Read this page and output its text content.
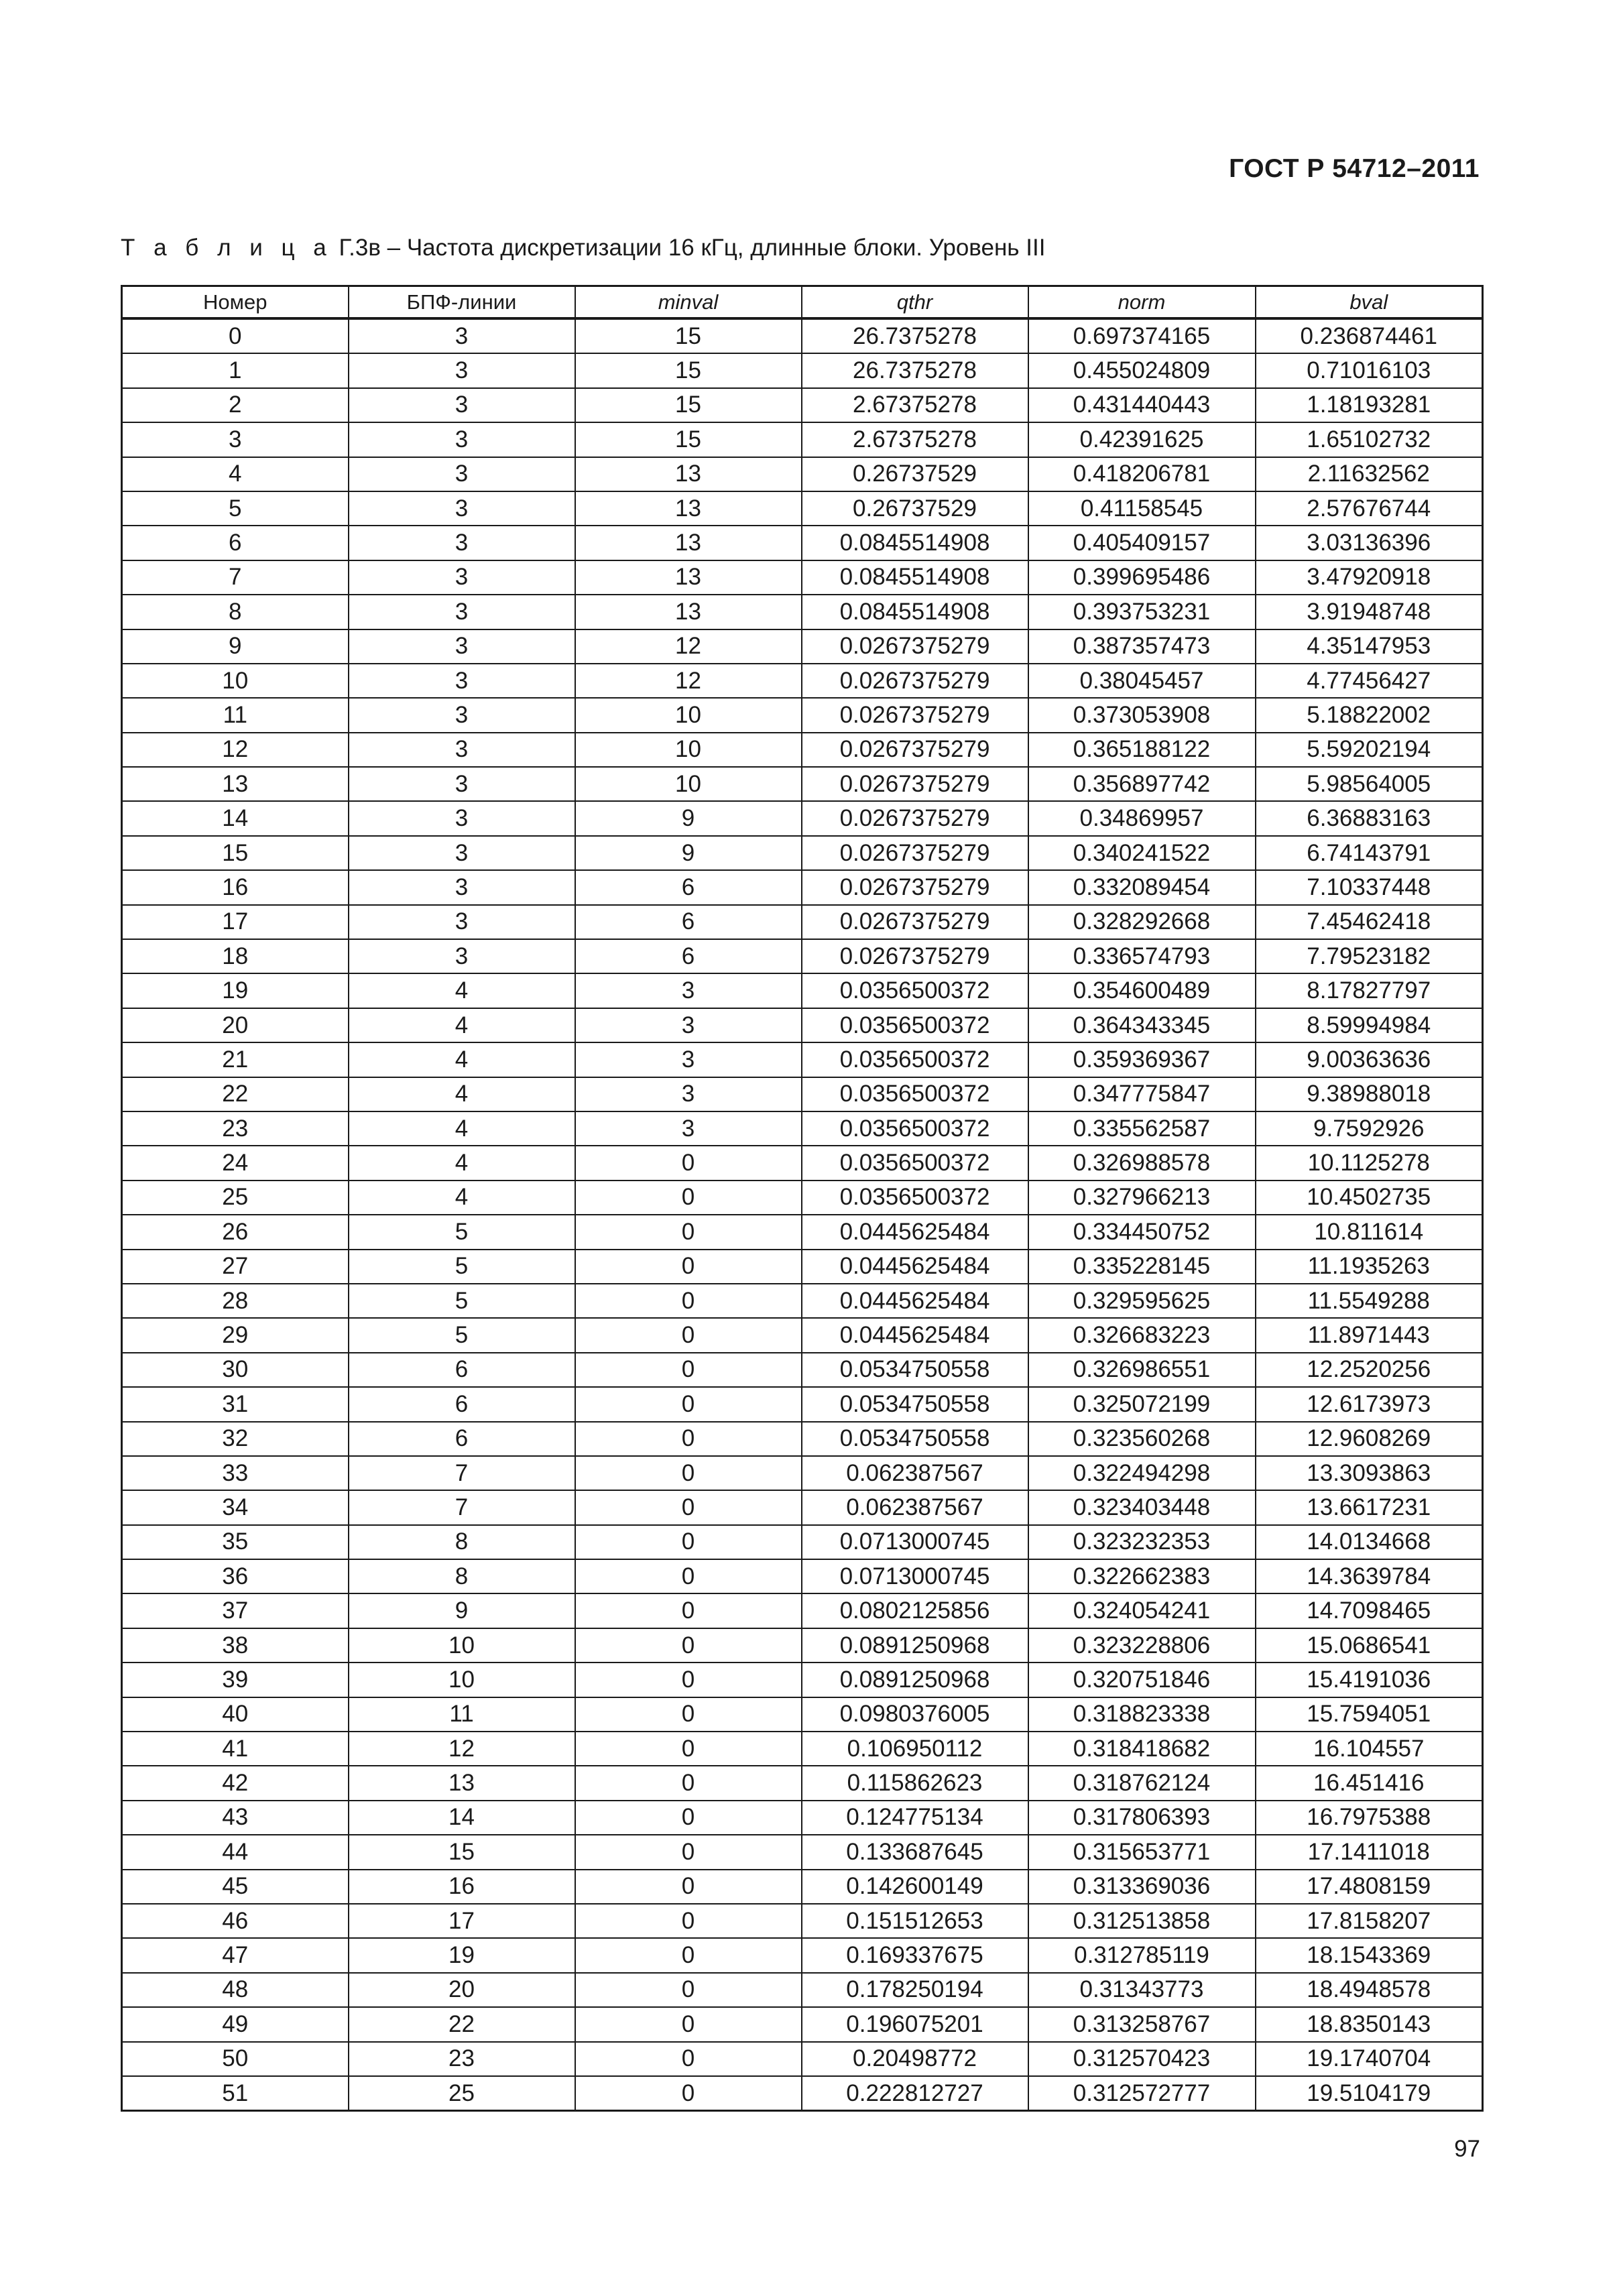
ГОСТ Р 54712–2011
Т а б л и ц а Г.3в – Частота дискретизации 16 кГц, длинные блоки. Уровень III
Номер	БПФ-линии	minval	qthr	norm	bval
0	3	15	26.7375278	0.697374165	0.236874461
1	3	15	26.7375278	0.455024809	0.71016103
2	3	15	2.67375278	0.431440443	1.18193281
3	3	15	2.67375278	0.42391625	1.65102732
4	3	13	0.26737529	0.418206781	2.11632562
5	3	13	0.26737529	0.41158545	2.57676744
6	3	13	0.0845514908	0.405409157	3.03136396
7	3	13	0.0845514908	0.399695486	3.47920918
8	3	13	0.0845514908	0.393753231	3.91948748
9	3	12	0.0267375279	0.387357473	4.35147953
10	3	12	0.0267375279	0.38045457	4.77456427
11	3	10	0.0267375279	0.373053908	5.18822002
12	3	10	0.0267375279	0.365188122	5.59202194
13	3	10	0.0267375279	0.356897742	5.98564005
14	3	9	0.0267375279	0.34869957	6.36883163
15	3	9	0.0267375279	0.340241522	6.74143791
16	3	6	0.0267375279	0.332089454	7.10337448
17	3	6	0.0267375279	0.328292668	7.45462418
18	3	6	0.0267375279	0.336574793	7.79523182
19	4	3	0.0356500372	0.354600489	8.17827797
20	4	3	0.0356500372	0.364343345	8.59994984
21	4	3	0.0356500372	0.359369367	9.00363636
22	4	3	0.0356500372	0.347775847	9.38988018
23	4	3	0.0356500372	0.335562587	9.7592926
24	4	0	0.0356500372	0.326988578	10.1125278
25	4	0	0.0356500372	0.327966213	10.4502735
26	5	0	0.0445625484	0.334450752	10.811614
27	5	0	0.0445625484	0.335228145	11.1935263
28	5	0	0.0445625484	0.329595625	11.5549288
29	5	0	0.0445625484	0.326683223	11.8971443
30	6	0	0.0534750558	0.326986551	12.2520256
31	6	0	0.0534750558	0.325072199	12.6173973
32	6	0	0.0534750558	0.323560268	12.9608269
33	7	0	0.062387567	0.322494298	13.3093863
34	7	0	0.062387567	0.323403448	13.6617231
35	8	0	0.0713000745	0.323232353	14.0134668
36	8	0	0.0713000745	0.322662383	14.3639784
37	9	0	0.0802125856	0.324054241	14.7098465
38	10	0	0.0891250968	0.323228806	15.0686541
39	10	0	0.0891250968	0.320751846	15.4191036
40	11	0	0.0980376005	0.318823338	15.7594051
41	12	0	0.106950112	0.318418682	16.104557
42	13	0	0.115862623	0.318762124	16.451416
43	14	0	0.124775134	0.317806393	16.7975388
44	15	0	0.133687645	0.315653771	17.1411018
45	16	0	0.142600149	0.313369036	17.4808159
46	17	0	0.151512653	0.312513858	17.8158207
47	19	0	0.169337675	0.312785119	18.1543369
48	20	0	0.178250194	0.31343773	18.4948578
49	22	0	0.196075201	0.313258767	18.8350143
50	23	0	0.20498772	0.312570423	19.1740704
51	25	0	0.222812727	0.312572777	19.5104179
97
